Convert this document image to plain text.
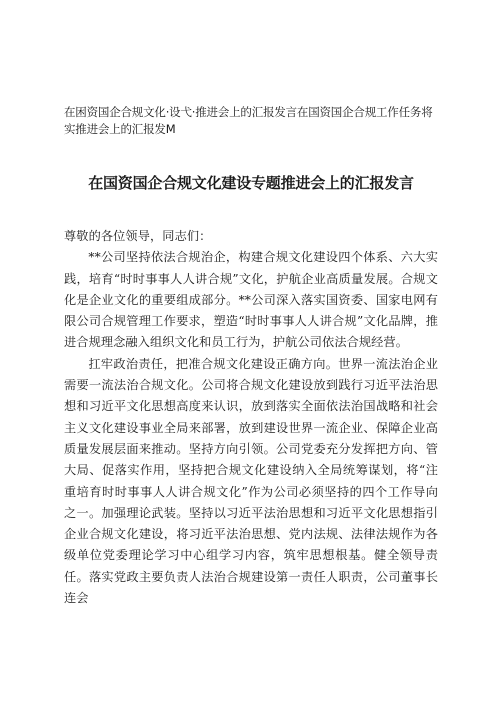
在困资国企合规文化·设弋·推进会上的汇报发言在国资国企合规工作任务将实推进会上的汇报发M

在国资国企合规文化建设专题推进会上的汇报发言

尊敬的各位领导，同志们：

**公司坚持依法合规治企，构建合规文化建设四个体系、六大实践，培育“时时事事人人讲合规”文化，护航企业高质量发展。合规文化是企业文化的重要组成部分。**公司深入落实国资委、国家电网有限公司合规管理工作要求，塑造“时时事事人人讲合规”文化品牌，推进合规理念融入组织文化和员工行为，护航公司依法合规经营。

扛牢政治责任，把准合规文化建设正确方向。世界一流法治企业需要一流法治合规文化。公司将合规文化建设放到践行习近平法治思想和习近平文化思想高度来认识，放到落实全面依法治国战略和社会主义文化建设事业全局来部署，放到建设世界一流企业、保障企业高质量发展层面来推动。坚持方向引领。公司党委充分发挥把方向、管大局、促落实作用，坚持把合规文化建设纳入全局统筹谋划，将“注重培育时时事事人人讲合规文化”作为公司必须坚持的四个工作导向之一。加强理论武装。坚持以习近平法治思想和习近平文化思想指引企业合规文化建设，将习近平法治思想、党内法规、法律法规作为各级单位党委理论学习中心组学习内容，筑牢思想根基。健全领导责任。落实党政主要负责人法治合规建设第一责任人职责，公司董事长连会
